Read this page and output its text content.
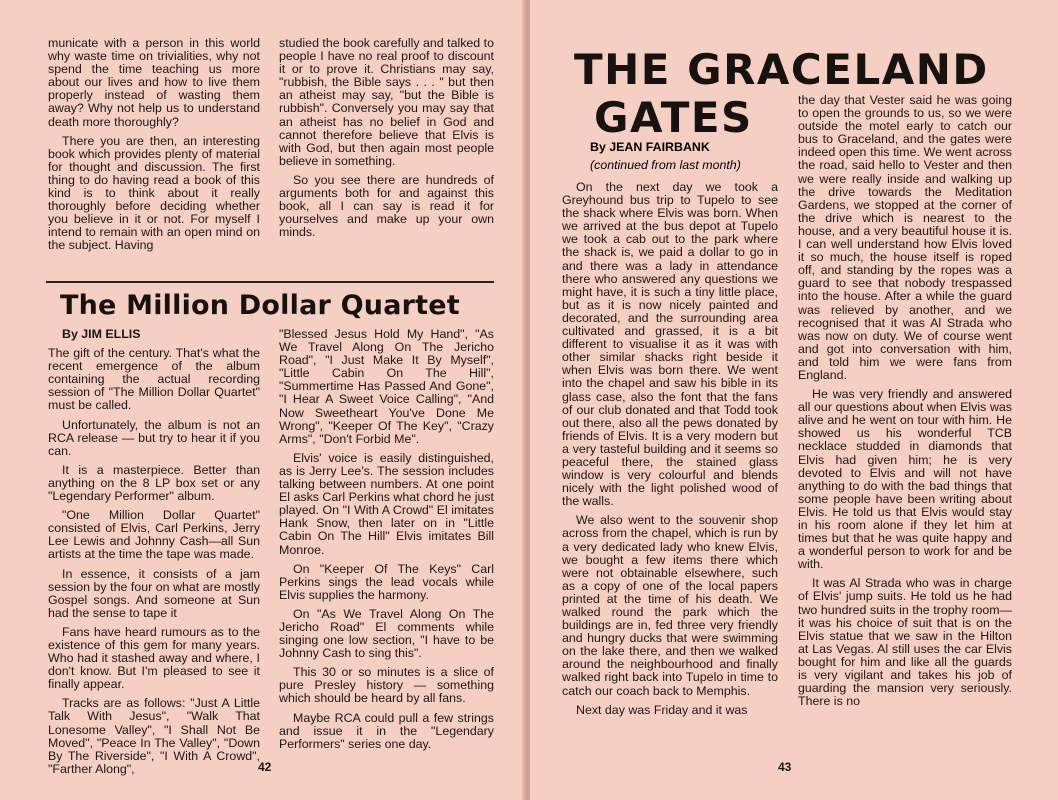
municate with a person in this world why waste time on trivialities, why not spend the time teaching us more about our lives and how to live them properly instead of wasting them away? Why not help us to understand death more thoroughly?

There you are then, an interesting book which provides plenty of material for thought and discussion. The first thing to do having read a book of this kind is to think about it really thoroughly before deciding whether you believe in it or not. For myself I intend to remain with an open mind on the subject. Having

studied the book carefully and talked to people I have no real proof to discount it or to prove it. Christians may say, "rubbish, the Bible says . . . " but then an atheist may say, "but the Bible is rubbish". Conversely you may say that an atheist has no belief in God and cannot therefore believe that Elvis is with God, but then again most people believe in something.

So you see there are hundreds of arguments both for and against this book, all I can say is read it for yourselves and make up your own minds.

The Million Dollar Quartet

By JIM ELLIS

The gift of the century. That's what the recent emergence of the album containing the actual recording session of "The Million Dollar Quartet" must be called.

Unfortunately, the album is not an RCA release — but try to hear it if you can.

It is a masterpiece. Better than anything on the 8 LP box set or any "Legendary Performer" album.

"One Million Dollar Quartet" consisted of Elvis, Carl Perkins, Jerry Lee Lewis and Johnny Cash—all Sun artists at the time the tape was made.

In essence, it consists of a jam session by the four on what are mostly Gospel songs. And someone at Sun had the sense to tape it

Fans have heard rumours as to the existence of this gem for many years. Who had it stashed away and where, I don't know. But I'm pleased to see it finally appear.

Tracks are as follows: "Just A Little Talk With Jesus", "Walk That Lonesome Valley", "I Shall Not Be Moved", "Peace In The Valley", "Down By The Riverside", "I With A Crowd", "Farther Along",

"Blessed Jesus Hold My Hand", "As We Travel Along On The Jericho Road", "I Just Make It By Myself", "Little Cabin On The Hill", "Summertime Has Passed And Gone", "I Hear A Sweet Voice Calling", "And Now Sweetheart You've Done Me Wrong", "Keeper Of The Key", "Crazy Arms", "Don't Forbid Me".

Elvis' voice is easily distinguished, as is Jerry Lee's. The session includes talking between numbers. At one point El asks Carl Perkins what chord he just played. On "I With A Crowd" El imitates Hank Snow, then later on in "Little Cabin On The Hill" Elvis imitates Bill Monroe.

On "Keeper Of The Keys" Carl Perkins sings the lead vocals while Elvis supplies the harmony.

On "As We Travel Along On The Jericho Road" El comments while singing one low section, "I have to be Johnny Cash to sing this".

This 30 or so minutes is a slice of pure Presley history — something which should be heard by all fans.

Maybe RCA could pull a few strings and issue it in the "Legendary Performers" series one day.

42
THE GRACELAND
GATES
By JEAN FAIRBANK
(continued from last month)

On the next day we took a Greyhound bus trip to Tupelo to see the shack where Elvis was born. When we arrived at the bus depot at Tupelo we took a cab out to the park where the shack is, we paid a dollar to go in and there was a lady in attendance there who answered any questions we might have, it is such a tiny little place, but as it is now nicely painted and decorated, and the surrounding area cultivated and grassed, it is a bit different to visualise it as it was with other similar shacks right beside it when Elvis was born there. We went into the chapel and saw his bible in its glass case, also the font that the fans of our club donated and that Todd took out there, also all the pews donated by friends of Elvis. It is a very modern but a very tasteful building and it seems so peaceful there, the stained glass window is very colourful and blends nicely with the light polished wood of the walls.

We also went to the souvenir shop across from the chapel, which is run by a very dedicated lady who knew Elvis, we bought a few items there which were not obtainable elsewhere, such as a copy of one of the local papers printed at the time of his death. We walked round the park which the buildings are in, fed three very friendly and hungry ducks that were swimming on the lake there, and then we walked around the neighbourhood and finally walked right back into Tupelo in time to catch our coach back to Memphis.

Next day was Friday and it was

the day that Vester said he was going to open the grounds to us, so we were outside the motel early to catch our bus to Graceland, and the gates were indeed open this time. We went across the road, said hello to Vester and then we were really inside and walking up the drive towards the Meditation Gardens, we stopped at the corner of the drive which is nearest to the house, and a very beautiful house it is. I can well understand how Elvis loved it so much, the house itself is roped off, and standing by the ropes was a guard to see that nobody trespassed into the house. After a while the guard was relieved by another, and we recognised that it was Al Strada who was now on duty. We of course went and got into conversation with him, and told him we were fans from England.

He was very friendly and answered all our questions about when Elvis was alive and he went on tour with him. He showed us his wonderful TCB necklace studded in diamonds that Elvis had given him; he is very devoted to Elvis and will not have anything to do with the bad things that some people have been writing about Elvis. He told us that Elvis would stay in his room alone if they let him at times but that he was quite happy and a wonderful person to work for and be with.

It was Al Strada who was in charge of Elvis' jump suits. He told us he had two hundred suits in the trophy room—it was his choice of suit that is on the Elvis statue that we saw in the Hilton at Las Vegas. Al still uses the car Elvis bought for him and like all the guards is very vigilant and takes his job of guarding the mansion very seriously. There is no

43
